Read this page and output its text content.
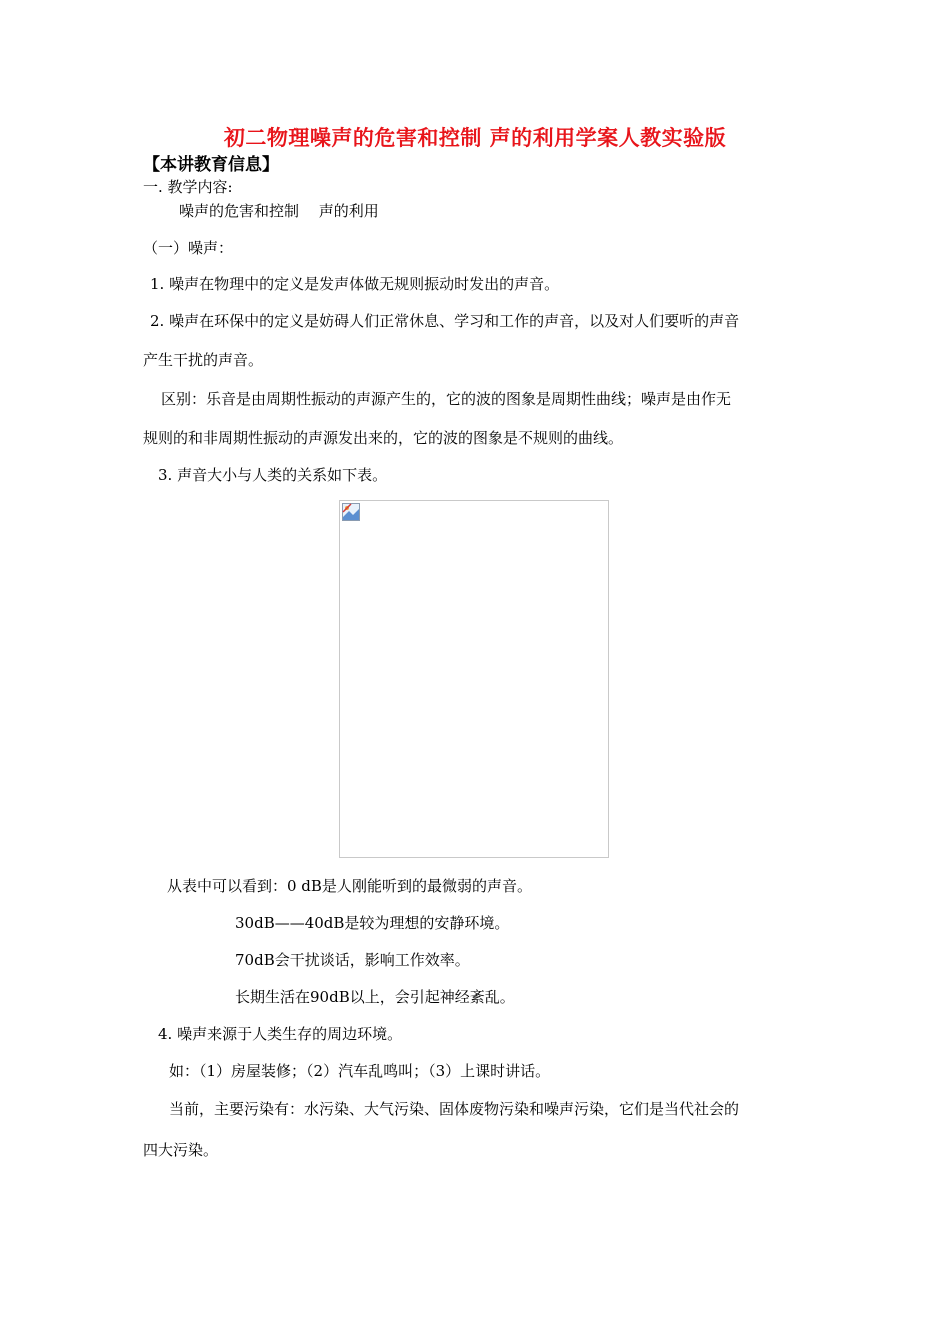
初二物理噪声的危害和控制 声的利用学案人教实验版
【本讲教育信息】
一. 教学内容:
噪声的危害和控制 　声的利用
（一）噪声：
1. 噪声在物理中的定义是发声体做无规则振动时发出的声音。
2. 噪声在环保中的定义是妨碍人们正常休息、学习和工作的声音，以及对人们要听的声音
产生干扰的声音。
区别：乐音是由周期性振动的声源产生的，它的波的图象是周期性曲线；噪声是由作无
规则的和非周期性振动的声源发出来的，它的波的图象是不规则的曲线。
3. 声音大小与人类的关系如下表。
从表中可以看到：0 dB是人刚能听到的最微弱的声音。
30dB——40dB是较为理想的安静环境。
70dB会干扰谈话，影响工作效率。
长期生活在90dB以上，会引起神经紊乱。
4. 噪声来源于人类生存的周边环境。
如：（1）房屋装修；（2）汽车乱鸣叫；（3）上课时讲话。
当前，主要污染有：水污染、大气污染、固体废物污染和噪声污染，它们是当代社会的
四大污染。
